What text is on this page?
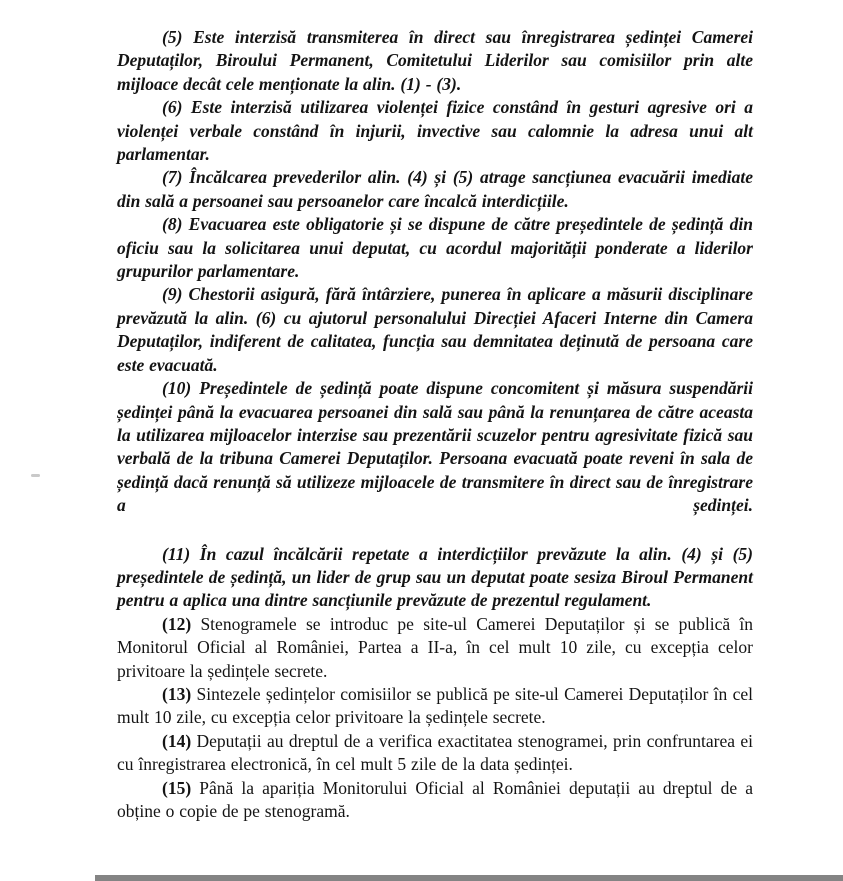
(5) Este interzisă transmiterea în direct sau înregistrarea ședinței Camerei Deputaților, Biroului Permanent, Comitetului Liderilor sau comisiilor prin alte mijloace decât cele menționate la alin. (1) - (3).

(6) Este interzisă utilizarea violenței fizice constând în gesturi agresive ori a violenței verbale constând în injurii, invective sau calomnie la adresa unui alt parlamentar.

(7) Încălcarea prevederilor alin. (4) și (5) atrage sancțiunea evacuării imediate din sală a persoanei sau persoanelor care încalcă interdicțiile.

(8) Evacuarea este obligatorie și se dispune de către președintele de ședință din oficiu sau la solicitarea unui deputat, cu acordul majorității ponderate a liderilor grupurilor parlamentare.

(9) Chestorii asigură, fără întârziere, punerea în aplicare a măsurii disciplinare prevăzută la alin. (6) cu ajutorul personalului Direcției Afaceri Interne din Camera Deputaților, indiferent de calitatea, funcția sau demnitatea deținută de persoana care este evacuată.

(10) Președintele de ședință poate dispune concomitent și măsura suspendării ședinței până la evacuarea persoanei din sală sau până la renunțarea de către aceasta la utilizarea mijloacelor interzise sau prezentării scuzelor pentru agresivitate fizică sau verbală de la tribuna Camerei Deputaților. Persoana evacuată poate reveni în sala de ședință dacă renunță să utilizeze mijloacele de transmitere în direct sau de înregistrare a ședinței.

(11) În cazul încălcării repetate a interdicțiilor prevăzute la alin. (4) și (5) președintele de ședință, un lider de grup sau un deputat poate sesiza Biroul Permanent pentru a aplica una dintre sancțiunile prevăzute de prezentul regulament.

(12) Stenogramele se introduc pe site-ul Camerei Deputaților și se publică în Monitorul Oficial al României, Partea a II-a, în cel mult 10 zile, cu excepția celor privitoare la ședințele secrete.

(13) Sintezele ședințelor comisiilor se publică pe site-ul Camerei Deputaților în cel mult 10 zile, cu excepția celor privitoare la ședințele secrete.

(14) Deputații au dreptul de a verifica exactitatea stenogramei, prin confruntarea ei cu înregistrarea electronică, în cel mult 5 zile de la data ședinței.

(15) Până la apariția Monitorului Oficial al României deputații au dreptul de a obține o copie de pe stenogramă.
